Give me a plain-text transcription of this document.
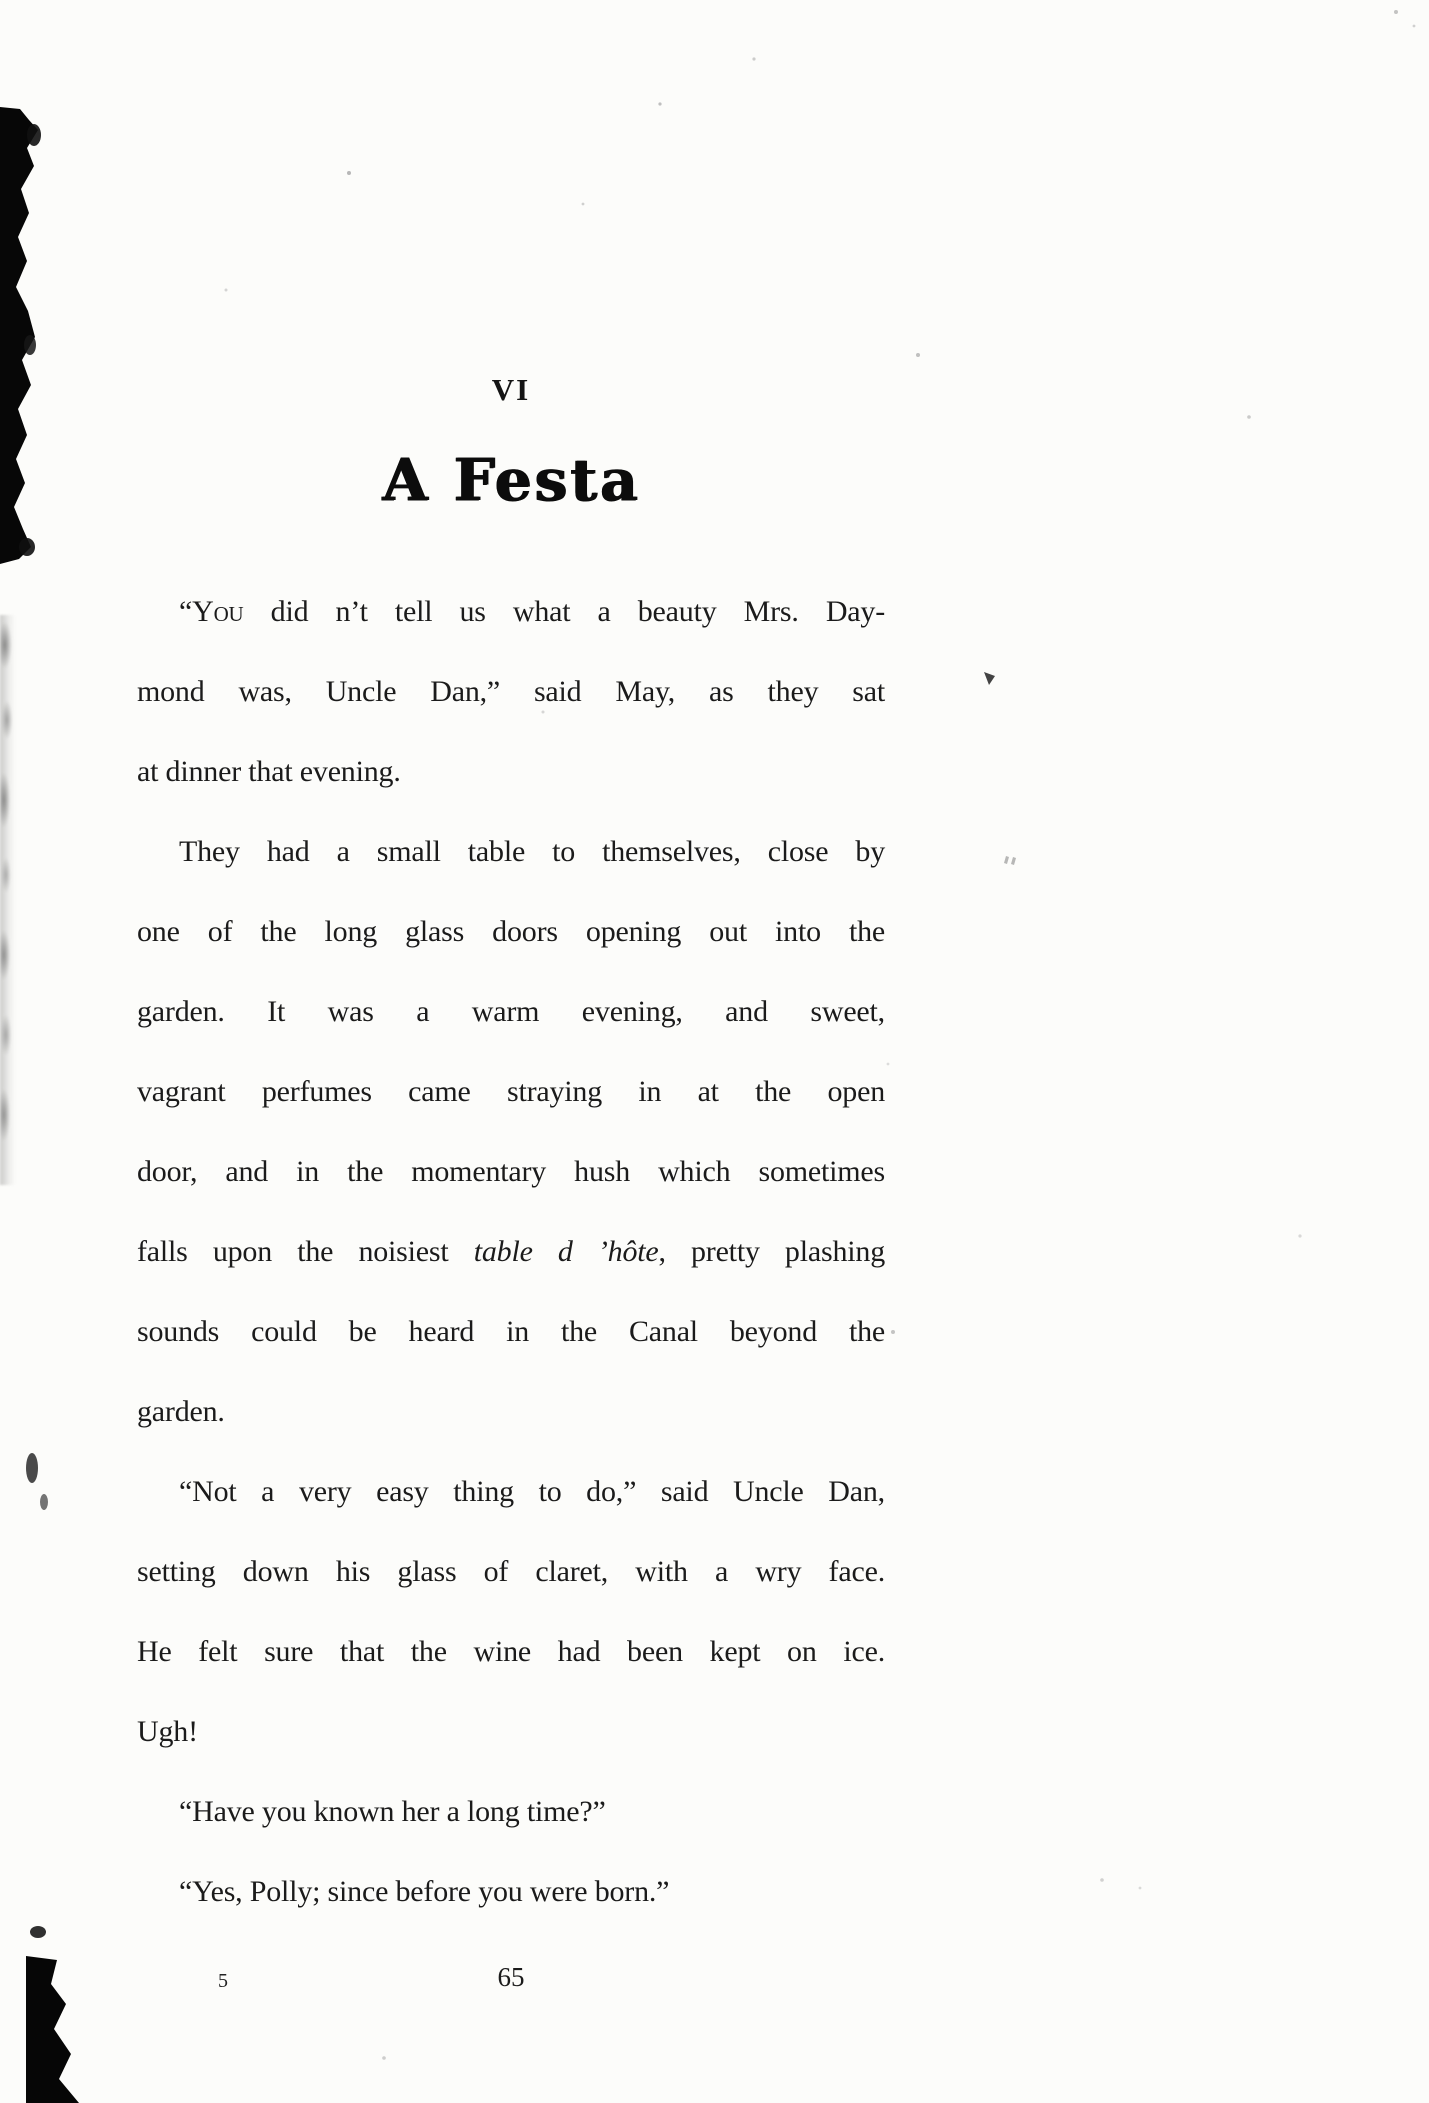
VI
A Festa
“You did n’t tell us what a beauty Mrs. Day-
mond was, Uncle Dan,” said May, as they sat
at dinner that evening.
They had a small table to themselves, close by
one of the long glass doors opening out into the
garden. It was a warm evening, and sweet,
vagrant perfumes came straying in at the open
door, and in the momentary hush which sometimes
falls upon the noisiest table d ’hôte, pretty plashing
sounds could be heard in the Canal beyond the
garden.
“Not a very easy thing to do,” said Uncle Dan,
setting down his glass of claret, with a wry face.
He felt sure that the wine had been kept on ice.
Ugh!
“Have you known her a long time?”
“Yes, Polly; since before you were born.”
5	65
